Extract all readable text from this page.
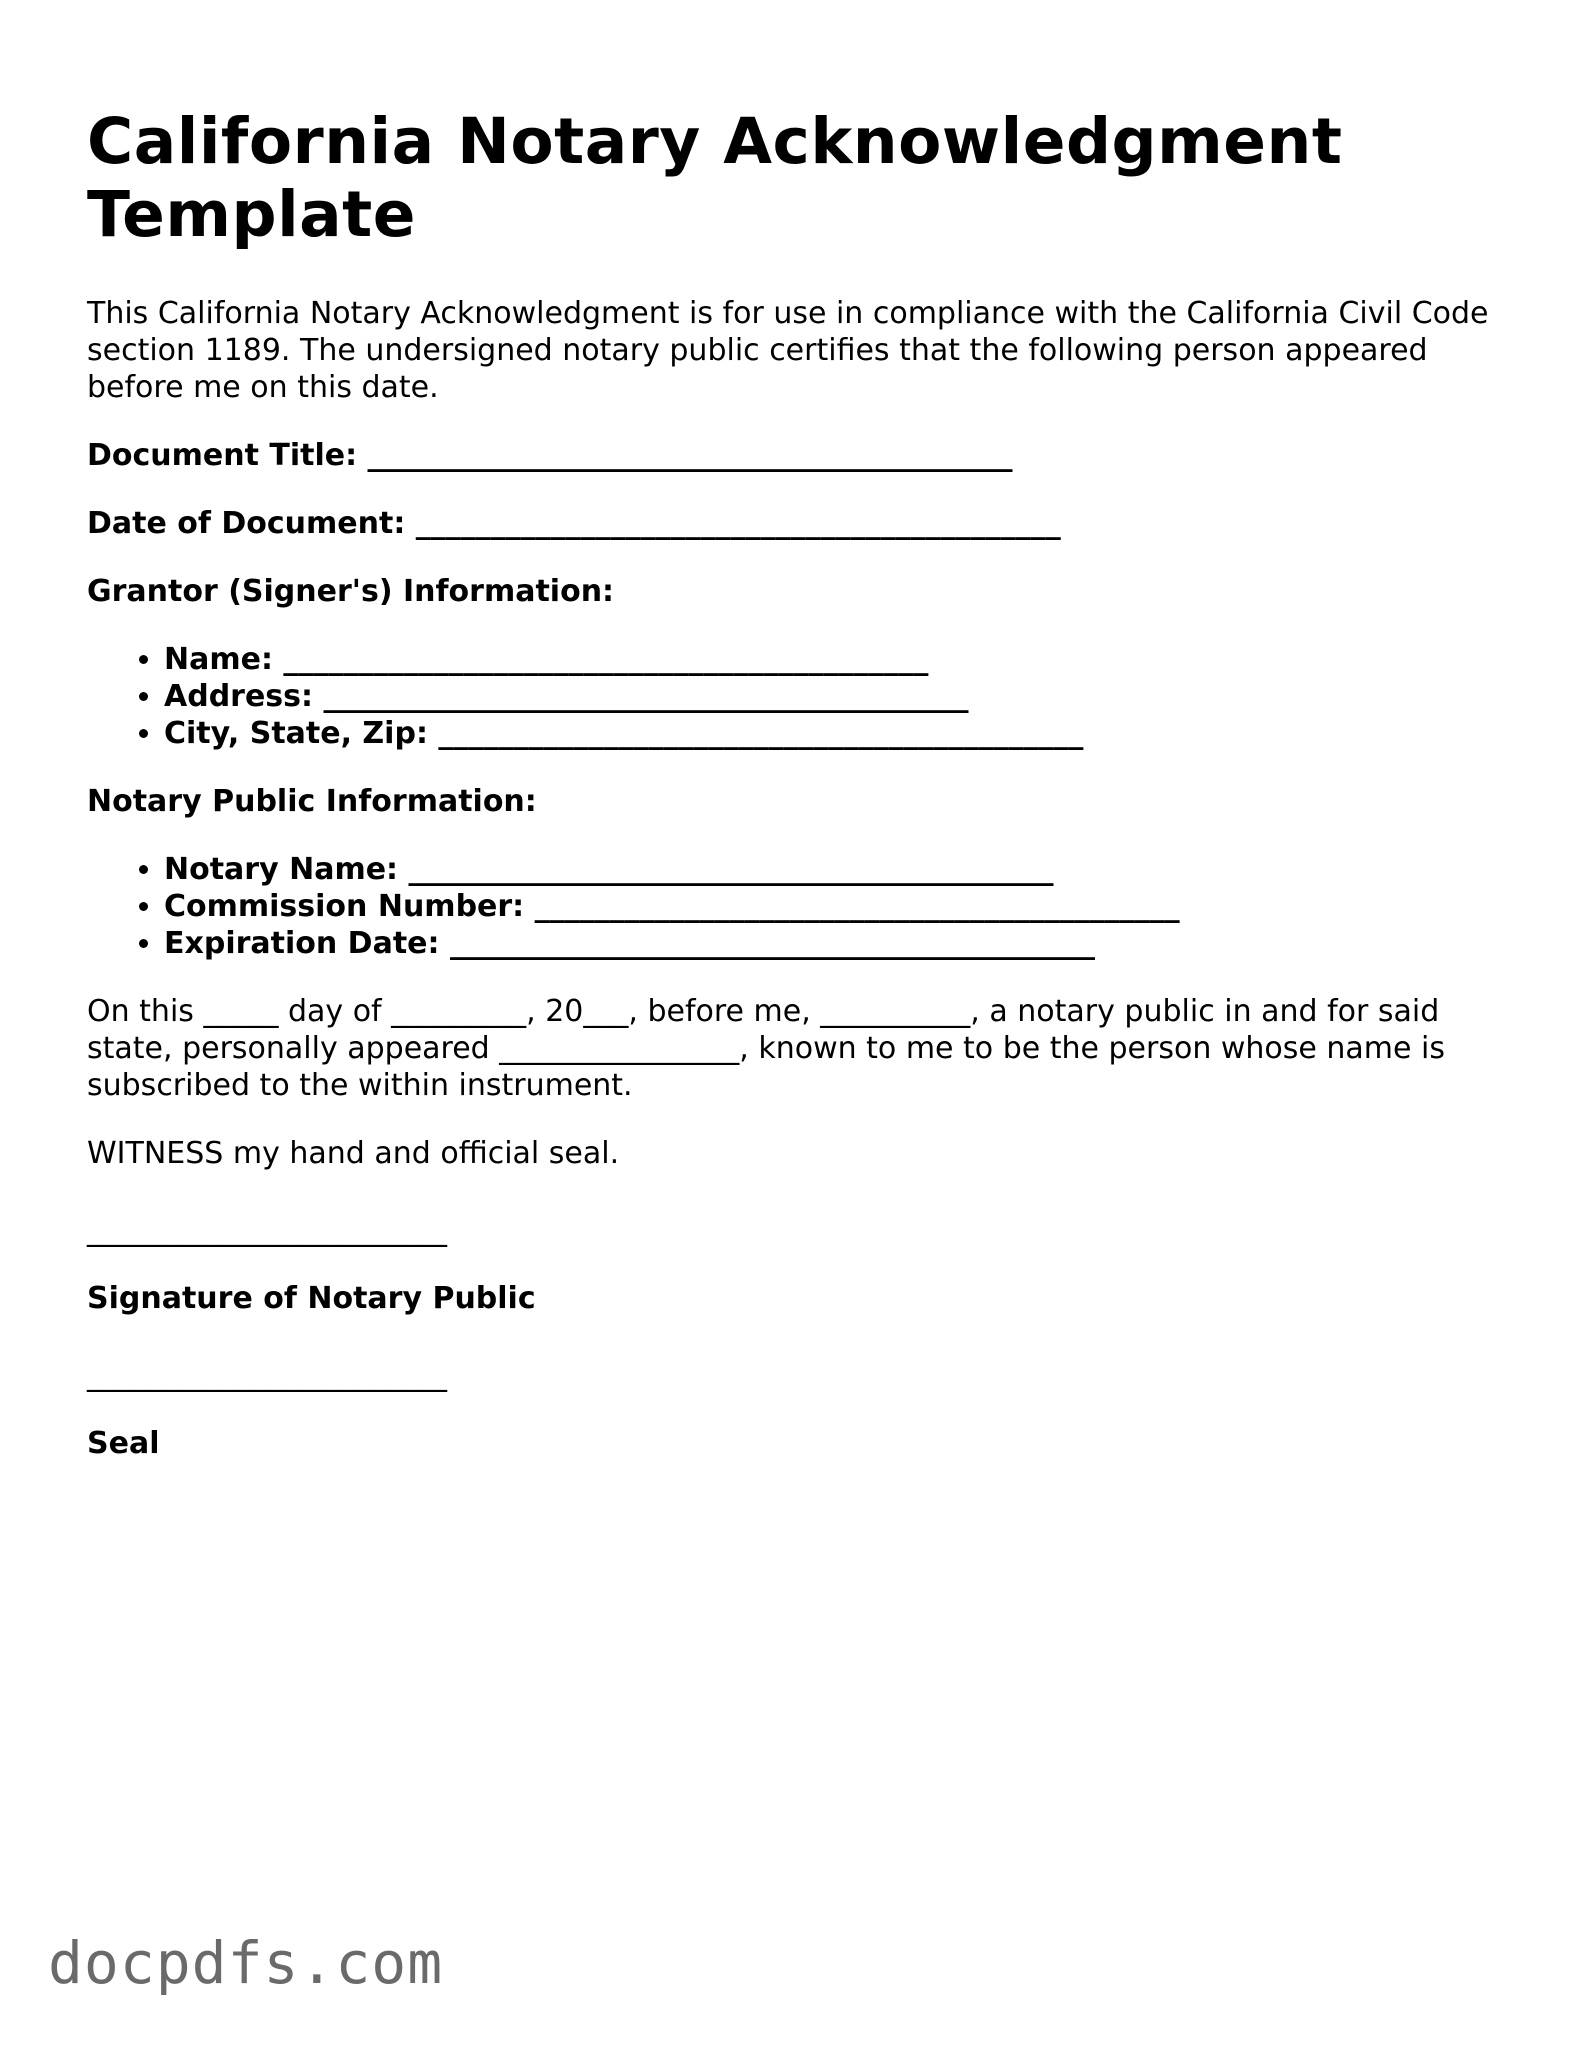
California Notary Acknowledgment Template

This California Notary Acknowledgment is for use in compliance with the California Civil Code section 1189. The undersigned notary public certifies that the following person appeared before me on this date.

Document Title: ___________________________________________

Date of Document: ___________________________________________

Grantor (Signer's) Information:

• Name: ___________________________________________
• Address: ___________________________________________
• City, State, Zip: ___________________________________________

Notary Public Information:

• Notary Name: ___________________________________________
• Commission Number: ___________________________________________
• Expiration Date: ___________________________________________

On this _____ day of _________, 20___, before me, __________, a notary public in and for said state, personally appeared ________________, known to me to be the person whose name is subscribed to the within instrument.

WITNESS my hand and official seal.

________________________

Signature of Notary Public

________________________

Seal

docpdfs.com
